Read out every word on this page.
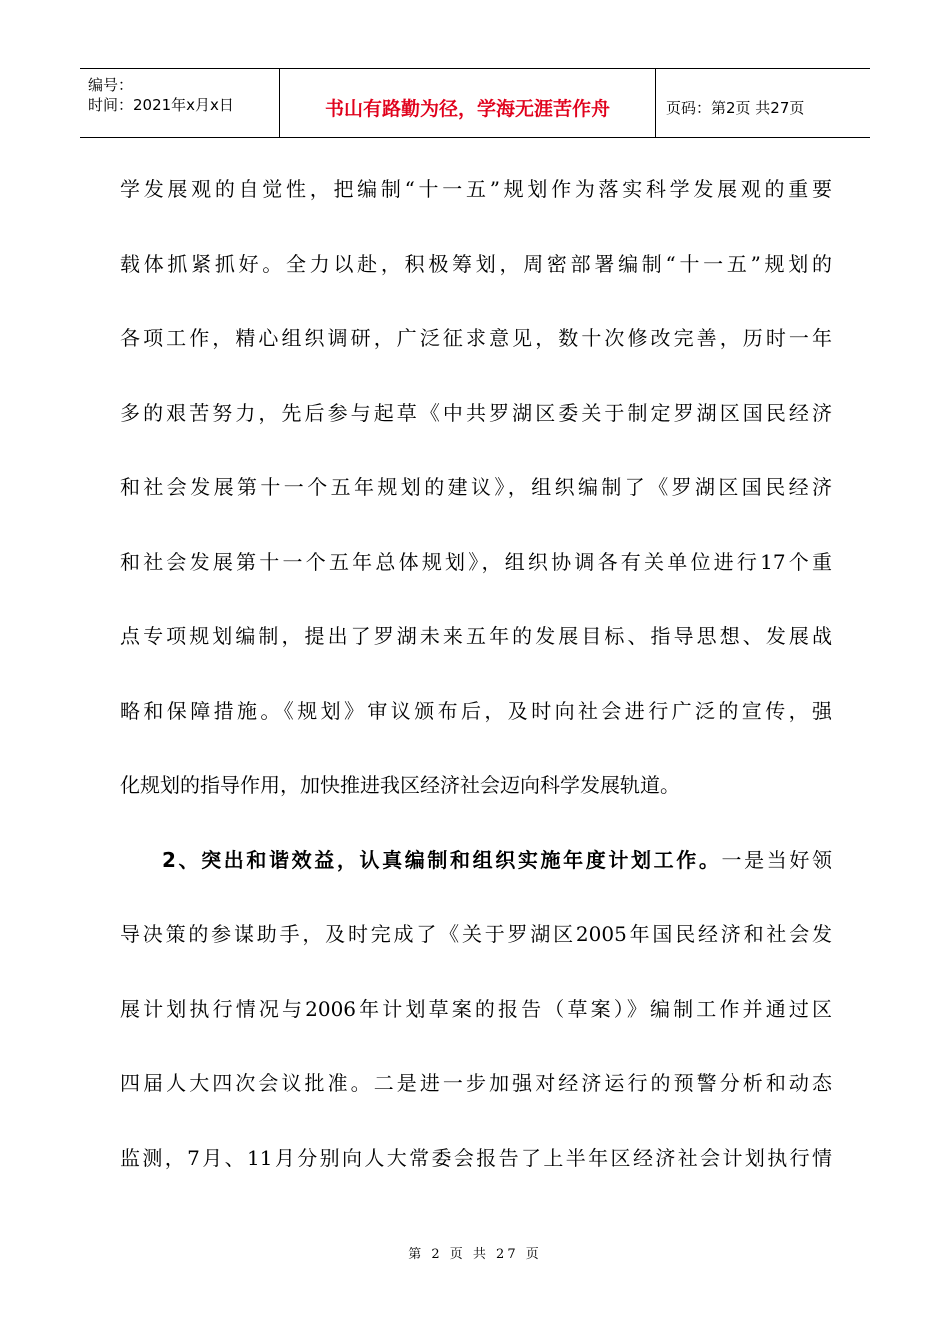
编号：
时间：2021年x月x日	书山有路勤为径，学海无涯苦作舟	页码：第2页 共27页
学发展观的自觉性，把编制“十一五”规划作为落实科学发展观的重要
载体抓紧抓好。全力以赴，积极筹划，周密部署编制“十一五”规划的
各项工作，精心组织调研，广泛征求意见，数十次修改完善，历时一年
多的艰苦努力，先后参与起草《中共罗湖区委关于制定罗湖区国民经济
和社会发展第十一个五年规划的建议》，组织编制了《罗湖区国民经济
和社会发展第十一个五年总体规划》，组织协调各有关单位进行17个重
点专项规划编制，提出了罗湖未来五年的发展目标、指导思想、发展战
略和保障措施。《规划》审议颁布后，及时向社会进行广泛的宣传，强
化规划的指导作用，加快推进我区经济社会迈向科学发展轨道。
2、突出和谐效益，认真编制和组织实施年度计划工作。一是当好领
导决策的参谋助手，及时完成了《关于罗湖区2005年国民经济和社会发
展计划执行情况与2006年计划草案的报告（草案）》编制工作并通过区
四届人大四次会议批准。二是进一步加强对经济运行的预警分析和动态
监测，7月、11月分别向人大常委会报告了上半年区经济社会计划执行情
第 2 页 共 27 页
